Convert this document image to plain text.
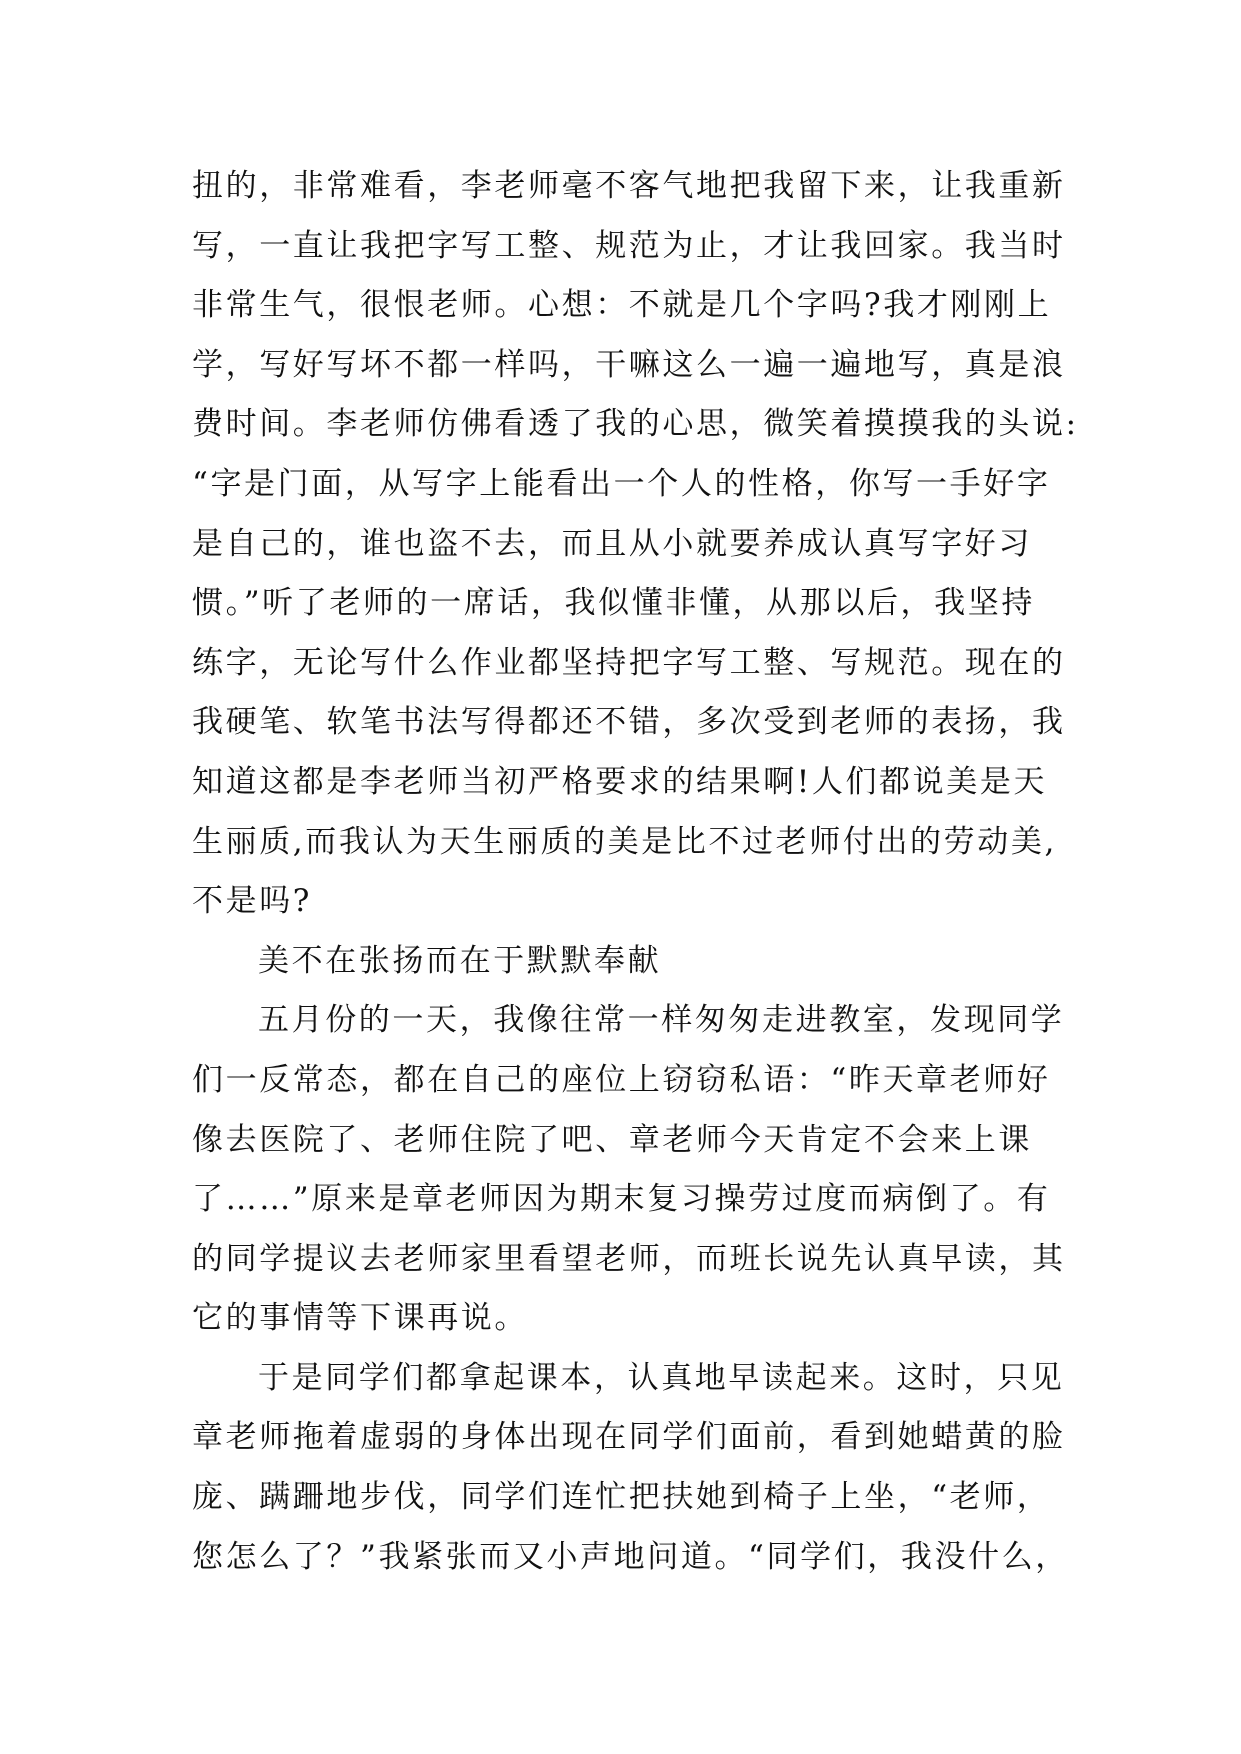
扭的，非常难看，李老师毫不客气地把我留下来，让我重新
写，一直让我把字写工整、规范为止，才让我回家。我当时
非常生气，很恨老师。心想：不就是几个字吗?我才刚刚上
学，写好写坏不都一样吗，干嘛这么一遍一遍地写，真是浪
费时间。李老师仿佛看透了我的心思，微笑着摸摸我的头说:
“字是门面，从写字上能看出一个人的性格，你写一手好字
是自己的，谁也盗不去，而且从小就要养成认真写字好习
惯。”听了老师的一席话，我似懂非懂，从那以后，我坚持
练字，无论写什么作业都坚持把字写工整、写规范。现在的
我硬笔、软笔书法写得都还不错，多次受到老师的表扬，我
知道这都是李老师当初严格要求的结果啊!人们都说美是天
生丽质,而我认为天生丽质的美是比不过老师付出的劳动美,
不是吗?
美不在张扬而在于默默奉献
五月份的一天，我像往常一样匆匆走进教室，发现同学
们一反常态，都在自己的座位上窃窃私语：“昨天章老师好
像去医院了、老师住院了吧、章老师今天肯定不会来上课
了……”原来是章老师因为期末复习操劳过度而病倒了。有
的同学提议去老师家里看望老师，而班长说先认真早读，其
它的事情等下课再说。
于是同学们都拿起课本，认真地早读起来。这时，只见
章老师拖着虚弱的身体出现在同学们面前，看到她蜡黄的脸
庞、蹒跚地步伐，同学们连忙把扶她到椅子上坐，“老师，
您怎么了？”我紧张而又小声地问道。“同学们，我没什么，
